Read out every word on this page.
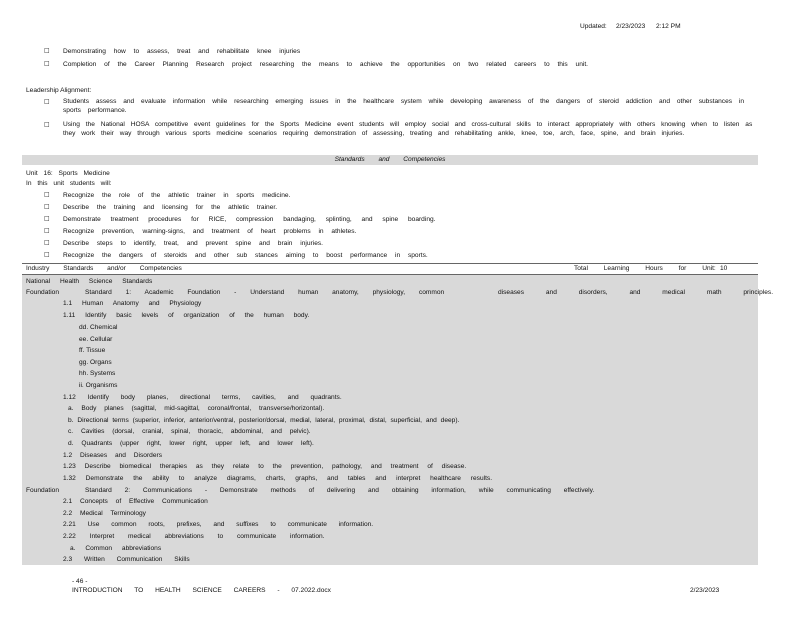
Updated: 2/23/2023 2:12 PM
□ Demonstrating how to assess, treat and rehabilitate knee injuries
□ Completion of the Career Planning Research project researching the means to achieve the opportunities on two related careers to this unit.
Leadership Alignment:
□ Students assess and evaluate information while researching emerging issues in the healthcare system while developing awareness of the dangers of steroid addiction and other substances in sports performance.
□ Using the National HOSA competitive event guidelines for the Sports Medicine event students will employ social and cross-cultural skills to interact appropriately with others knowing when to listen as they work their way through various sports medicine scenarios requiring demonstration of assessing, treating and rehabilitating ankle, knee, toe, arch, face, spine, and brain injuries.
Standards and Competencies
Unit 16: Sports Medicine
In this unit students will:
□ Recognize the role of the athletic trainer in sports medicine.
□ Describe the training and licensing for the athletic trainer.
□ Demonstrate treatment procedures for RICE, compression bandaging, splinting, and spine boarding.
□ Recognize prevention, warning-signs, and treatment of heart problems in athletes.
□ Describe steps to identify, treat, and prevent spine and brain injuries.
□ Recognize the dangers of steroids and other sub stances aiming to boost performance in sports.
Industry Standards and/or Competencies	Total Learning Hours for Unit: 10
National Health Science Standards
Foundation	Standard 1: Academic Foundation - Understand human anatomy, physiology, common	diseases and disorders, and medical math principles.
1.1 Human Anatomy and Physiology
1.11 Identify basic levels of organization of the human body.
dd. Chemical
ee. Cellular
ff. Tissue
gg. Organs
hh. Systems
ii. Organisms
1.12 Identify body planes, directional terms, cavities, and quadrants.
a. Body planes (sagittal, mid-sagittal, coronal/frontal, transverse/horizontal).
b. Directional terms (superior, inferior, anterior/ventral, posterior/dorsal, medial, lateral, proximal, distal, superficial, and deep).
c. Cavities (dorsal, cranial, spinal, thoracic, abdominal, and pelvic).
d. Quadrants (upper right, lower right, upper left, and lower left).
1.2 Diseases and Disorders
1.23 Describe biomedical therapies as they relate to the prevention, pathology, and treatment of disease.
1.32 Demonstrate the ability to analyze diagrams, charts, graphs, and tables and interpret healthcare results.
Foundation	Standard 2: Communications - Demonstrate methods of delivering and obtaining information, while communicating effectively.
2.1 Concepts of Effective Communication
2.2 Medical Terminology
2.21 Use common roots, prefixes, and suffixes to communicate information.
2.22 Interpret medical abbreviations to communicate information.
a. Common abbreviations
2.3 Written Communication Skills
- 46 -
INTRODUCTION TO HEALTH SCIENCE CAREERS - 07.2022.docx	2/23/2023
